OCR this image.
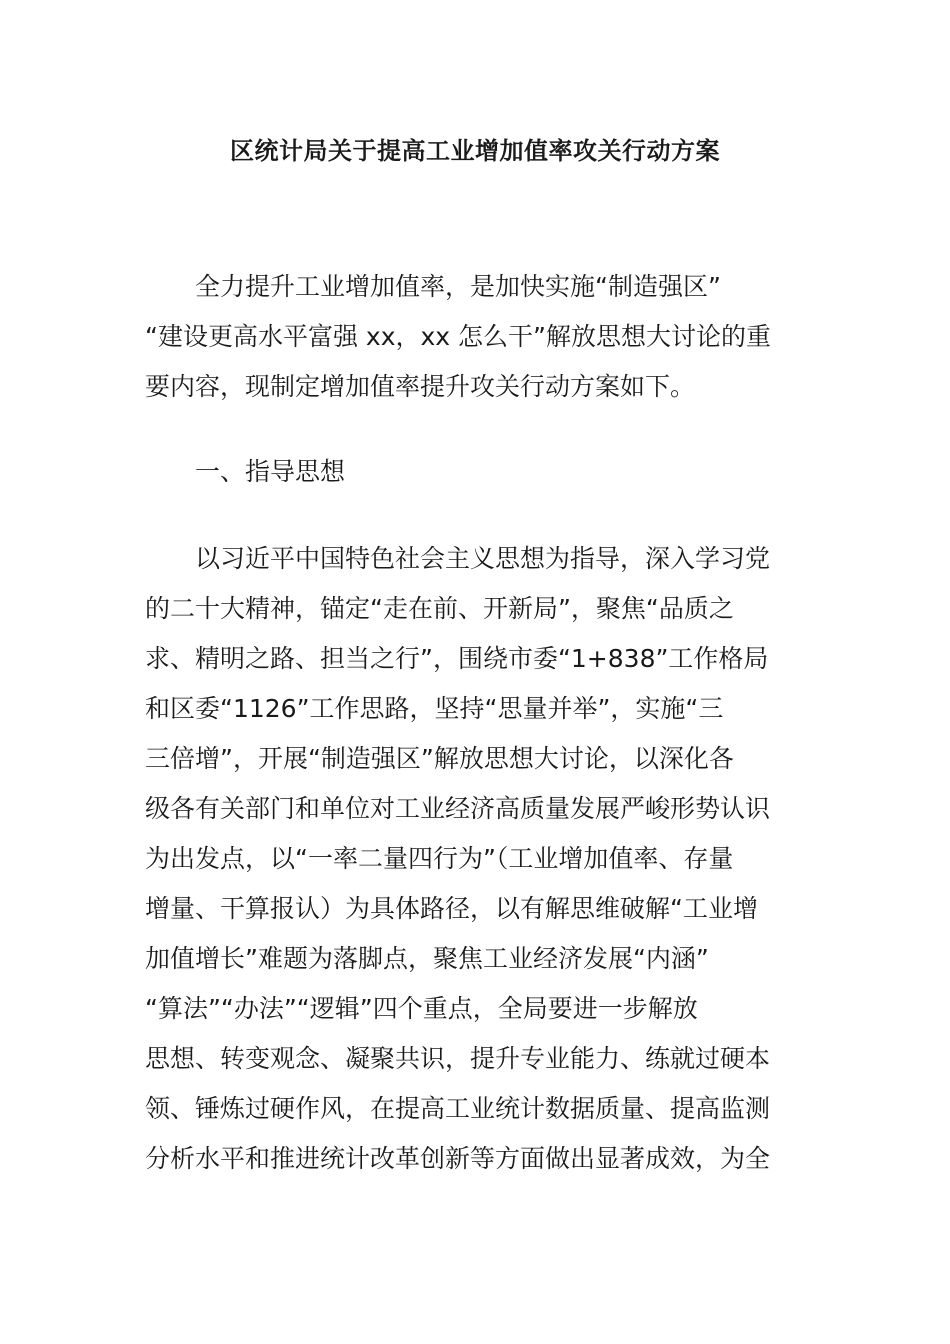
区统计局关于提高工业增加值率攻关行动方案
全力提升工业增加值率，是加快实施“制造强区”
“建设更高水平富强 xx，xx 怎么干”解放思想大讨论的重
要内容，现制定增加值率提升攻关行动方案如下。
一、指导思想
以习近平中国特色社会主义思想为指导，深入学习党
的二十大精神，锚定“走在前、开新局”，聚焦“品质之
求、精明之路、担当之行”，围绕市委“1+838”工作格局
和区委“1126”工作思路，坚持“思量并举”，实施“三
三倍增”，开展“制造强区”解放思想大讨论，以深化各
级各有关部门和单位对工业经济高质量发展严峻形势认识
为出发点，以“一率二量四行为”（工业增加值率、存量
增量、干算报认）为具体路径，以有解思维破解“工业增
加值增长”难题为落脚点，聚焦工业经济发展“内涵”
“算法”“办法”“逻辑”四个重点，全局要进一步解放
思想、转变观念、凝聚共识，提升专业能力、练就过硬本
领、锤炼过硬作风，在提高工业统计数据质量、提高监测
分析水平和推进统计改革创新等方面做出显著成效，为全
